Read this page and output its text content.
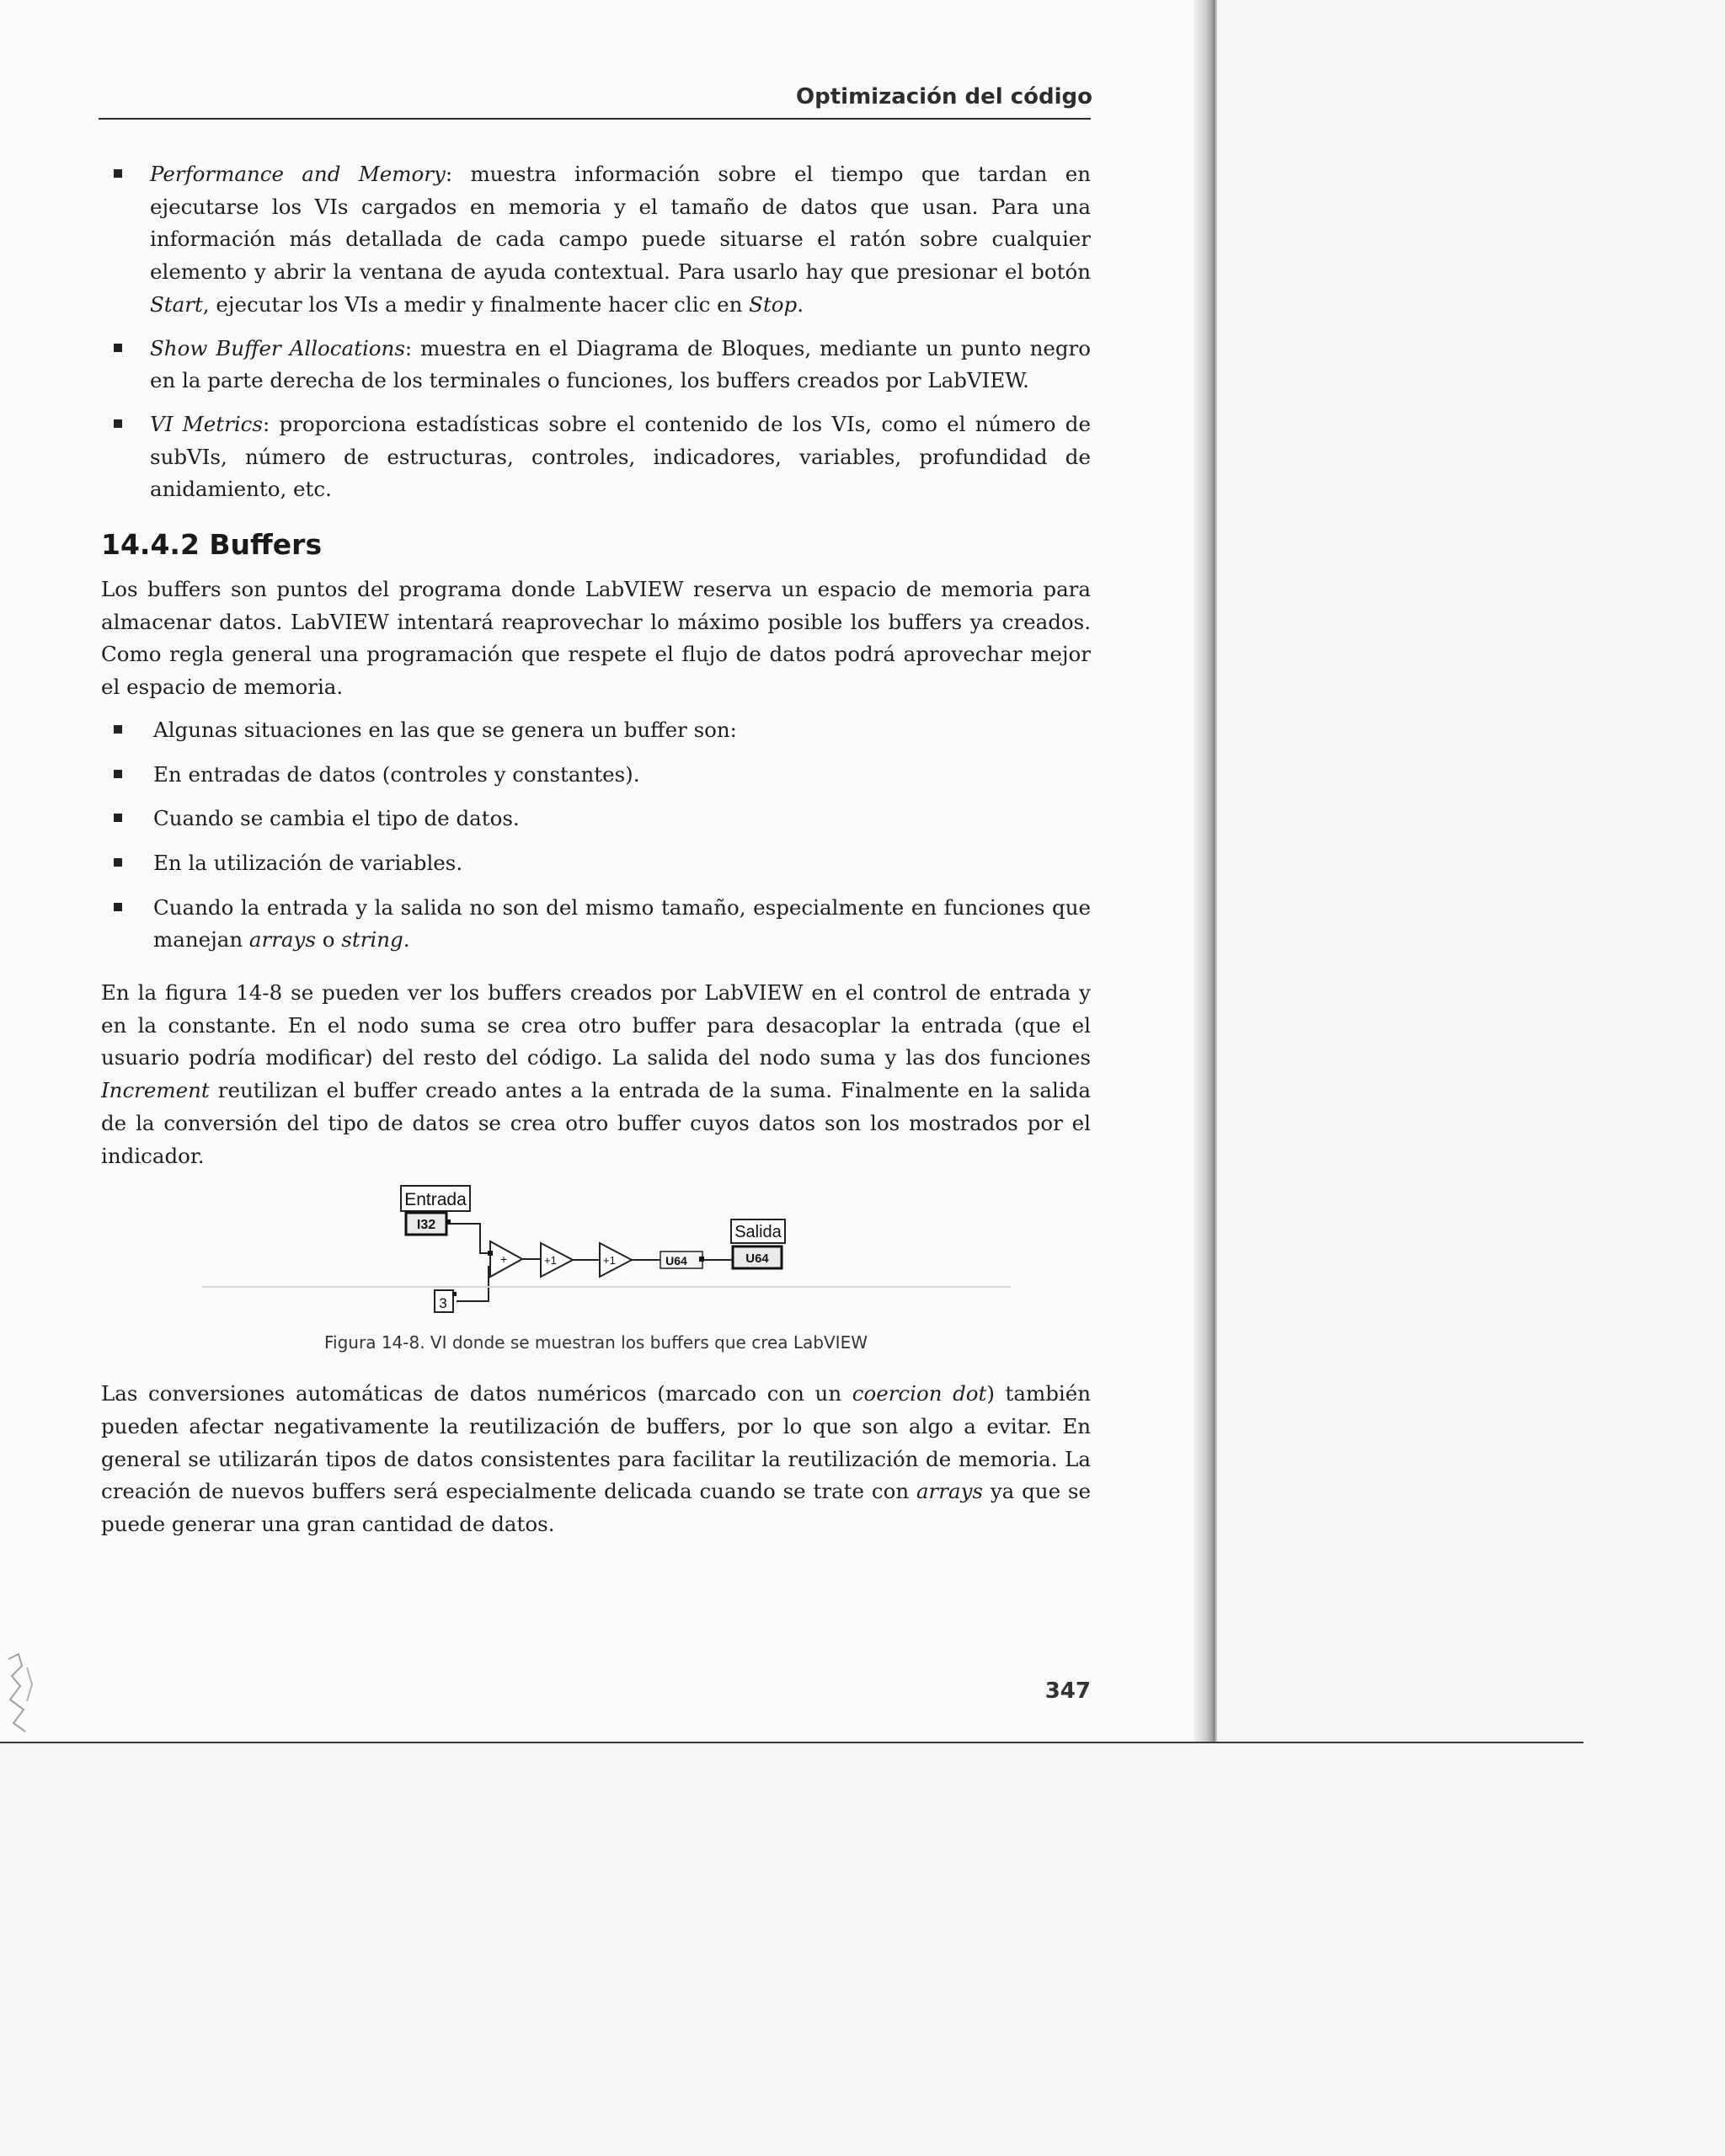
Optimización del código
Performance and Memory: muestra información sobre el tiempo que tardan en ejecutarse los VIs cargados en memoria y el tamaño de datos que usan. Para una información más detallada de cada campo puede situarse el ratón sobre cualquier elemento y abrir la ventana de ayuda contextual. Para usarlo hay que presionar el botón Start, ejecutar los VIs a medir y finalmente hacer clic en Stop.
Show Buffer Allocations: muestra en el Diagrama de Bloques, mediante un punto negro en la parte derecha de los terminales o funciones, los buffers creados por LabVIEW.
VI Metrics: proporciona estadísticas sobre el contenido de los VIs, como el número de subVIs, número de estructuras, controles, indicadores, variables, profundidad de anidamiento, etc.
14.4.2 Buffers

Los buffers son puntos del programa donde LabVIEW reserva un espacio de memoria para almacenar datos. LabVIEW intentará reaprovechar lo máximo posible los buffers ya creados. Como regla general una programación que respete el flujo de datos podrá aprovechar mejor el espacio de memoria.

Algunas situaciones en las que se genera un buffer son:
En entradas de datos (controles y constantes).
Cuando se cambia el tipo de datos.
En la utilización de variables.
Cuando la entrada y la salida no son del mismo tamaño, especialmente en funciones que manejan arrays o string.

En la figura 14-8 se pueden ver los buffers creados por LabVIEW en el control de entrada y en la constante. En el nodo suma se crea otro buffer para desacoplar la entrada (que el usuario podría modificar) del resto del código. La salida del nodo suma y las dos funciones Increment reutilizan el buffer creado antes a la entrada de la suma. Finalmente en la salida de la conversión del tipo de datos se crea otro buffer cuyos datos son los mostrados por el indicador.

Entrada
I32
3
+	+1	+1	U64
Salida
U64
Figura 14-8. VI donde se muestran los buffers que crea LabVIEW

Las conversiones automáticas de datos numéricos (marcado con un coercion dot) también pueden afectar negativamente la reutilización de buffers, por lo que son algo a evitar. En general se utilizarán tipos de datos consistentes para facilitar la reutilización de memoria. La creación de nuevos buffers será especialmente delicada cuando se trate con arrays ya que se puede generar una gran cantidad de datos.

347
